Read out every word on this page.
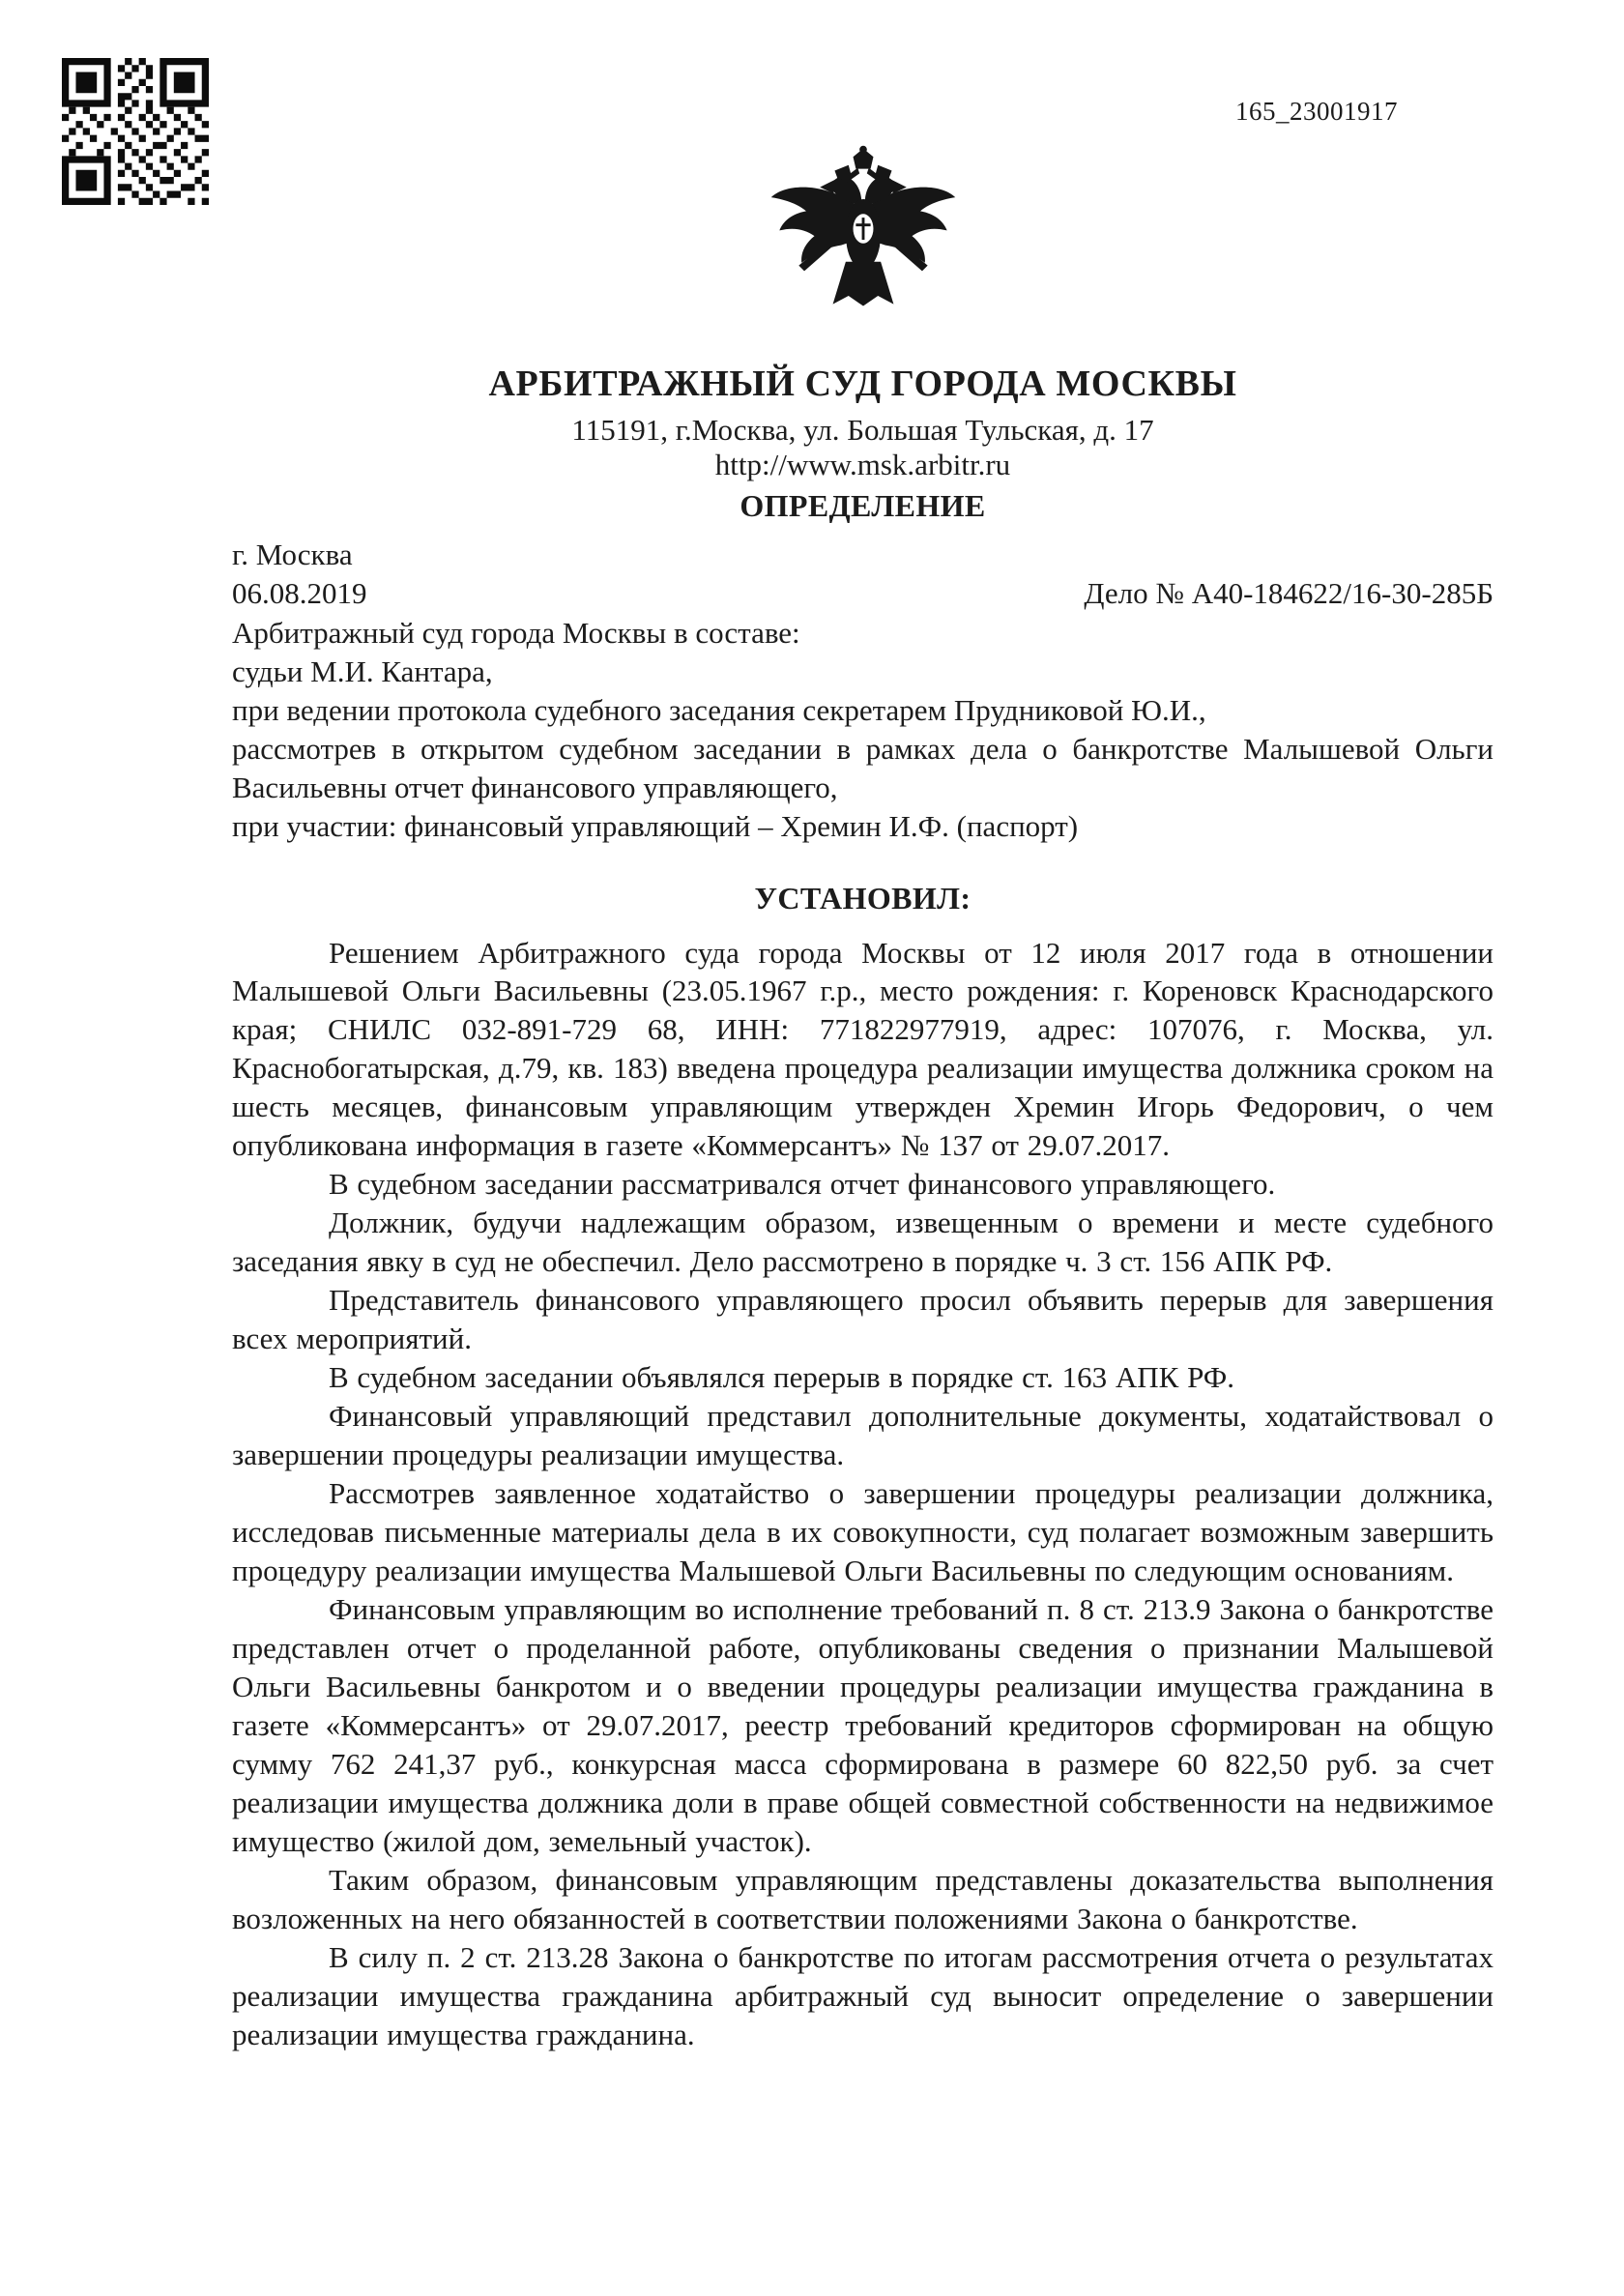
165_23001917
АРБИТРАЖНЫЙ СУД ГОРОДА МОСКВЫ
115191, г.Москва, ул. Большая Тульская, д. 17
http://www.msk.arbitr.ru
ОПРЕДЕЛЕНИЕ
г. Москва
06.08.2019	Дело № А40-184622/16-30-285Б

Арбитражный суд города Москвы в составе:

судьи М.И. Кантара,

при ведении протокола судебного заседания секретарем Прудниковой Ю.И.,

рассмотрев в открытом судебном заседании в рамках дела о банкротстве Малышевой Ольги Васильевны отчет финансового управляющего,

при участии: финансовый управляющий – Хремин И.Ф. (паспорт)

УСТАНОВИЛ:

Решением Арбитражного суда города Москвы от 12 июля 2017 года в отношении Малышевой Ольги Васильевны (23.05.1967 г.р., место рождения: г. Кореновск Краснодарского края; СНИЛС 032-891-729 68, ИНН: 771822977919, адрес: 107076, г. Москва, ул. Краснобогатырская, д.79, кв. 183) введена процедура реализации имущества должника сроком на шесть месяцев, финансовым управляющим утвержден Хремин Игорь Федорович, о чем опубликована информация в газете «Коммерсантъ» № 137 от 29.07.2017.

В судебном заседании рассматривался отчет финансового управляющего.

Должник, будучи надлежащим образом, извещенным о времени и месте судебного заседания явку в суд не обеспечил. Дело рассмотрено в порядке ч. 3 ст. 156 АПК РФ.

Представитель финансового управляющего просил объявить перерыв для завершения всех мероприятий.

В судебном заседании объявлялся перерыв в порядке ст. 163 АПК РФ.

Финансовый управляющий представил дополнительные документы, ходатайствовал о завершении процедуры реализации имущества.

Рассмотрев заявленное ходатайство о завершении процедуры реализации должника, исследовав письменные материалы дела в их совокупности, суд полагает возможным завершить процедуру реализации имущества Малышевой Ольги Васильевны по следующим основаниям.

Финансовым управляющим во исполнение требований п. 8 ст. 213.9 Закона о банкротстве представлен отчет о проделанной работе, опубликованы сведения о признании Малышевой Ольги Васильевны банкротом и о введении процедуры реализации имущества гражданина в газете «Коммерсантъ» от 29.07.2017, реестр требований кредиторов сформирован на общую сумму 762 241,37 руб., конкурсная масса сформирована в размере 60 822,50 руб. за счет реализации имущества должника доли в праве общей совместной собственности на недвижимое имущество (жилой дом, земельный участок).

Таким образом, финансовым управляющим представлены доказательства выполнения возложенных на него обязанностей в соответствии положениями Закона о банкротстве.

В силу п. 2 ст. 213.28 Закона о банкротстве по итогам рассмотрения отчета о результатах реализации имущества гражданина арбитражный суд выносит определение о завершении реализации имущества гражданина.
